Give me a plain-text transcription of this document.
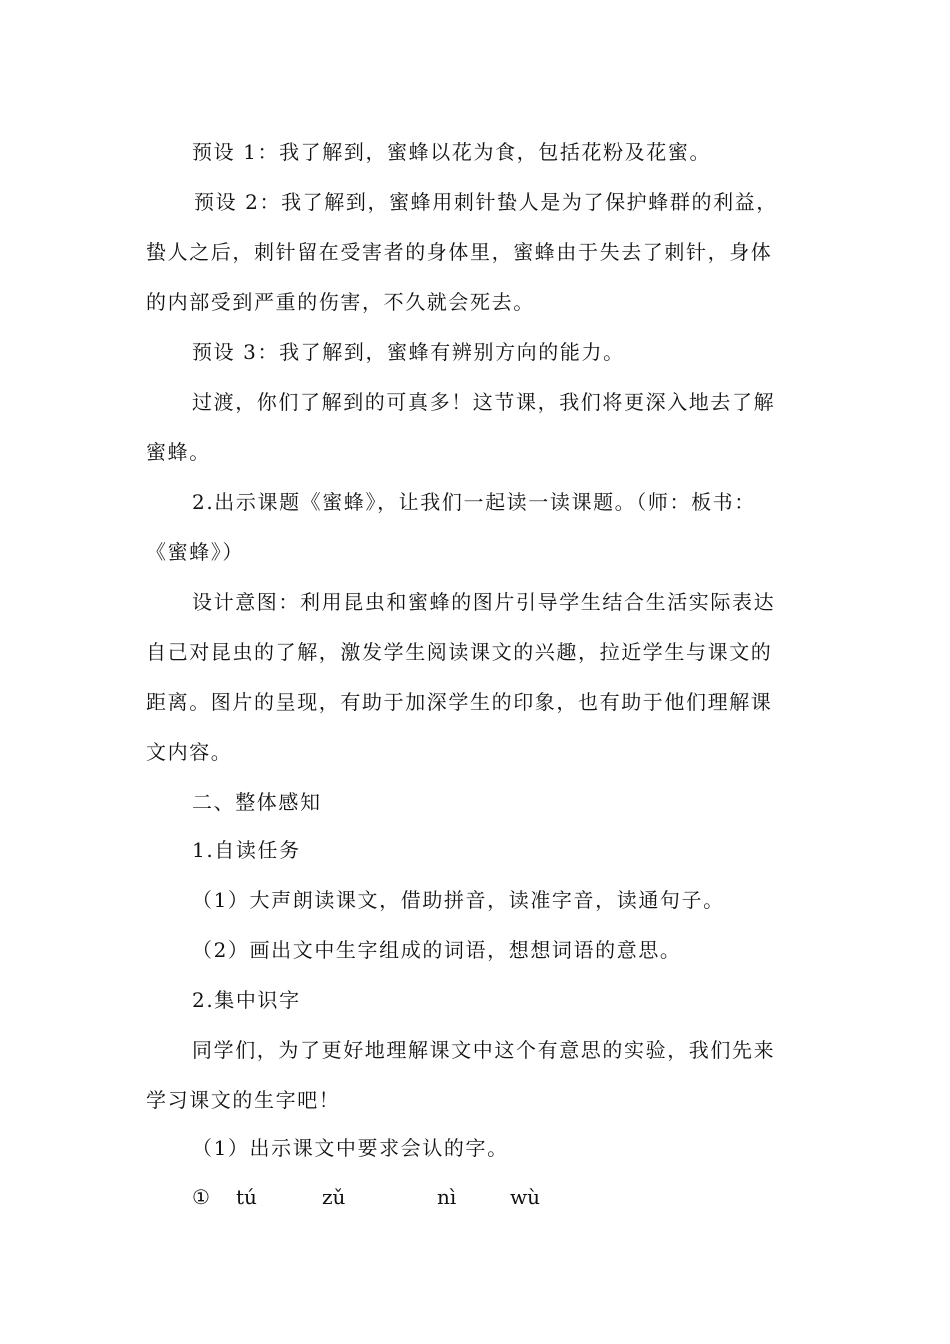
预设 1：我了解到，蜜蜂以花为食，包括花粉及花蜜。
预设 2：我了解到，蜜蜂用刺针蛰人是为了保护蜂群的利益，
蛰人之后，刺针留在受害者的身体里，蜜蜂由于失去了刺针，身体
的内部受到严重的伤害，不久就会死去。
预设 3：我了解到，蜜蜂有辨别方向的能力。
过渡，你们了解到的可真多！这节课，我们将更深入地去了解
蜜蜂。
2.出示课题《蜜蜂》，让我们一起读一读课题。（师：板书：
《蜜蜂》）
设计意图：利用昆虫和蜜蜂的图片引导学生结合生活实际表达
自己对昆虫的了解，激发学生阅读课文的兴趣，拉近学生与课文的
距离。图片的呈现，有助于加深学生的印象，也有助于他们理解课
文内容。
二、整体感知
1.自读任务
（1）大声朗读课文，借助拼音，读准字音，读通句子。
（2）画出文中生字组成的词语，想想词语的意思。
2.集中识字
同学们，为了更好地理解课文中这个有意思的实验，我们先来
学习课文的生字吧！
（1）出示课文中要求会认的字。
① tú	zǔ	nì	wù
